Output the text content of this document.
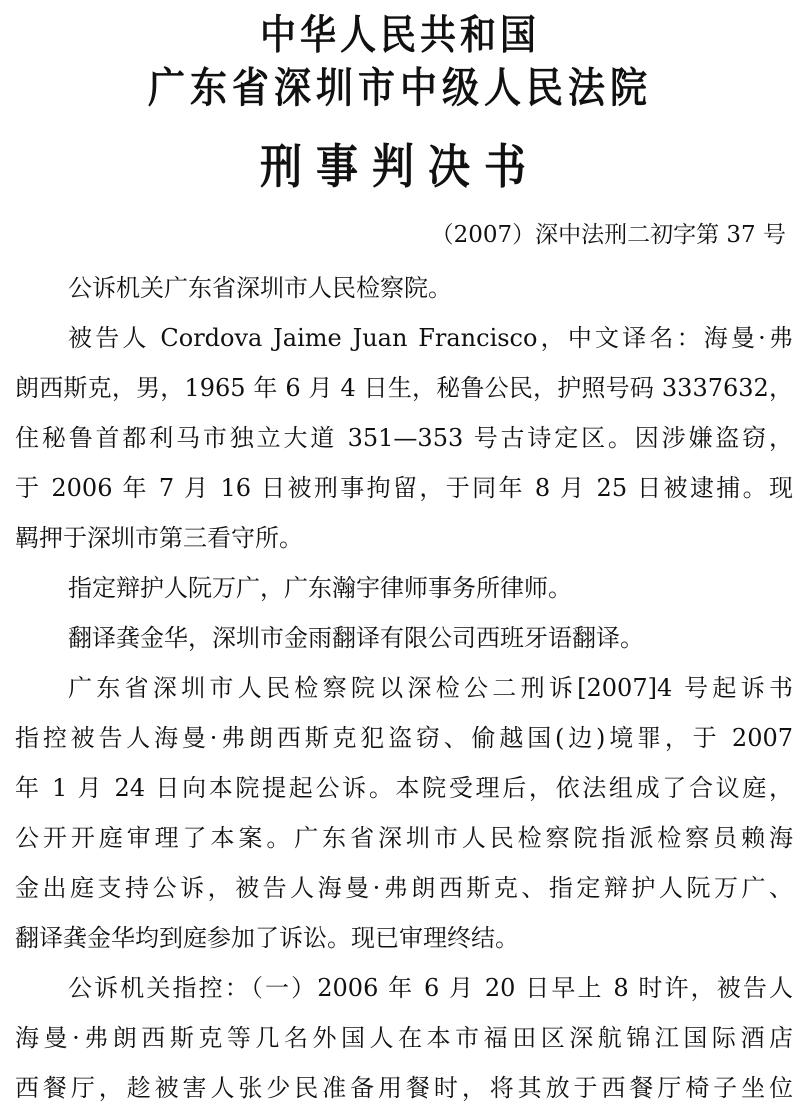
中华人民共和国
广东省深圳市中级人民法院
刑事判决书
（2007）深中法刑二初字第 37 号
公诉机关广东省深圳市人民检察院。
被告人 Cordova Jaime Juan Francisco，中文译名：海曼·弗
朗西斯克，男，1965 年 6 月 4 日生，秘鲁公民，护照号码 3337632，
住秘鲁首都利马市独立大道 351—353 号古诗定区。因涉嫌盗窃，
于 2006 年 7 月 16 日被刑事拘留，于同年 8 月 25 日被逮捕。现
羁押于深圳市第三看守所。
指定辩护人阮万广，广东瀚宇律师事务所律师。
翻译龚金华，深圳市金雨翻译有限公司西班牙语翻译。
广东省深圳市人民检察院以深检公二刑诉[2007]4 号起诉书
指控被告人海曼·弗朗西斯克犯盗窃、偷越国(边)境罪，于 2007
年 1 月 24 日向本院提起公诉。本院受理后，依法组成了合议庭，
公开开庭审理了本案。广东省深圳市人民检察院指派检察员赖海
金出庭支持公诉，被告人海曼·弗朗西斯克、指定辩护人阮万广、
翻译龚金华均到庭参加了诉讼。现已审理终结。
公诉机关指控：（一）2006 年 6 月 20 日早上 8 时许，被告人
海曼·弗朗西斯克等几名外国人在本市福田区深航锦江国际酒店
西餐厅，趁被害人张少民准备用餐时，将其放于西餐厅椅子坐位
